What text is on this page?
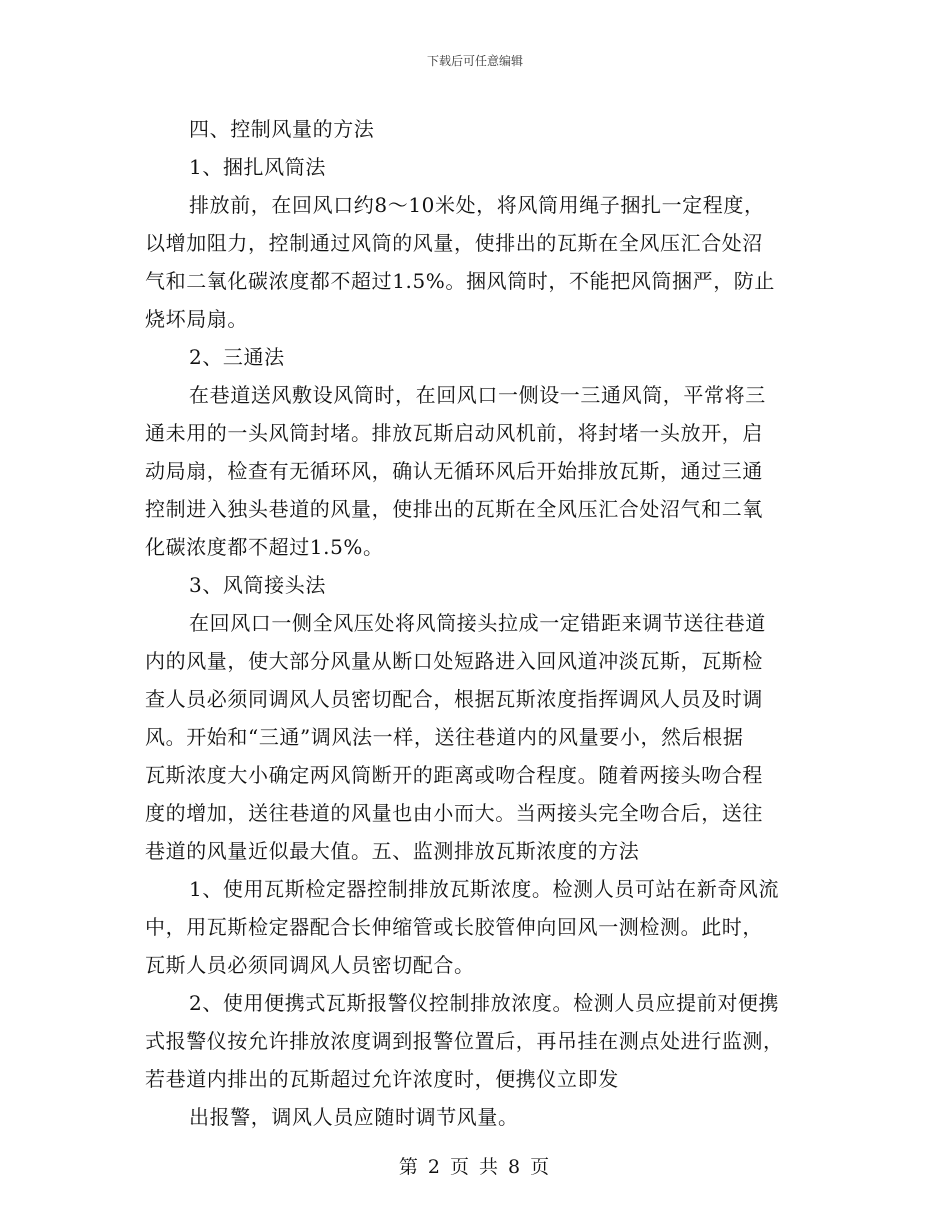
下载后可任意编辑
四、控制风量的方法
1、捆扎风筒法
排放前，在回风口约8～10米处，将风筒用绳子捆扎一定程度，
以增加阻力，控制通过风筒的风量，使排出的瓦斯在全风压汇合处沼
气和二氧化碳浓度都不超过1.5%。捆风筒时，不能把风筒捆严，防止
烧坏局扇。
2、三通法
在巷道送风敷设风筒时，在回风口一侧设一三通风筒，平常将三
通未用的一头风筒封堵。排放瓦斯启动风机前，将封堵一头放开，启
动局扇，检查有无循环风，确认无循环风后开始排放瓦斯，通过三通
控制进入独头巷道的风量，使排出的瓦斯在全风压汇合处沼气和二氧
化碳浓度都不超过1.5%。
3、风筒接头法
在回风口一侧全风压处将风筒接头拉成一定错距来调节送往巷道
内的风量，使大部分风量从断口处短路进入回风道冲淡瓦斯，瓦斯检
查人员必须同调风人员密切配合，根据瓦斯浓度指挥调风人员及时调
风。开始和“三通”调风法一样，送往巷道内的风量要小，然后根据
瓦斯浓度大小确定两风筒断开的距离或吻合程度。随着两接头吻合程
度的增加，送往巷道的风量也由小而大。当两接头完全吻合后，送往
巷道的风量近似最大值。五、监测排放瓦斯浓度的方法
1、使用瓦斯检定器控制排放瓦斯浓度。检测人员可站在新奇风流
中，用瓦斯检定器配合长伸缩管或长胶管伸向回风一测检测。此时，
瓦斯人员必须同调风人员密切配合。
2、使用便携式瓦斯报警仪控制排放浓度。检测人员应提前对便携
式报警仪按允许排放浓度调到报警位置后，再吊挂在测点处进行监测，
若巷道内排出的瓦斯超过允许浓度时，便携仪立即发
出报警，调风人员应随时调节风量。
第 2 页 共 8 页
